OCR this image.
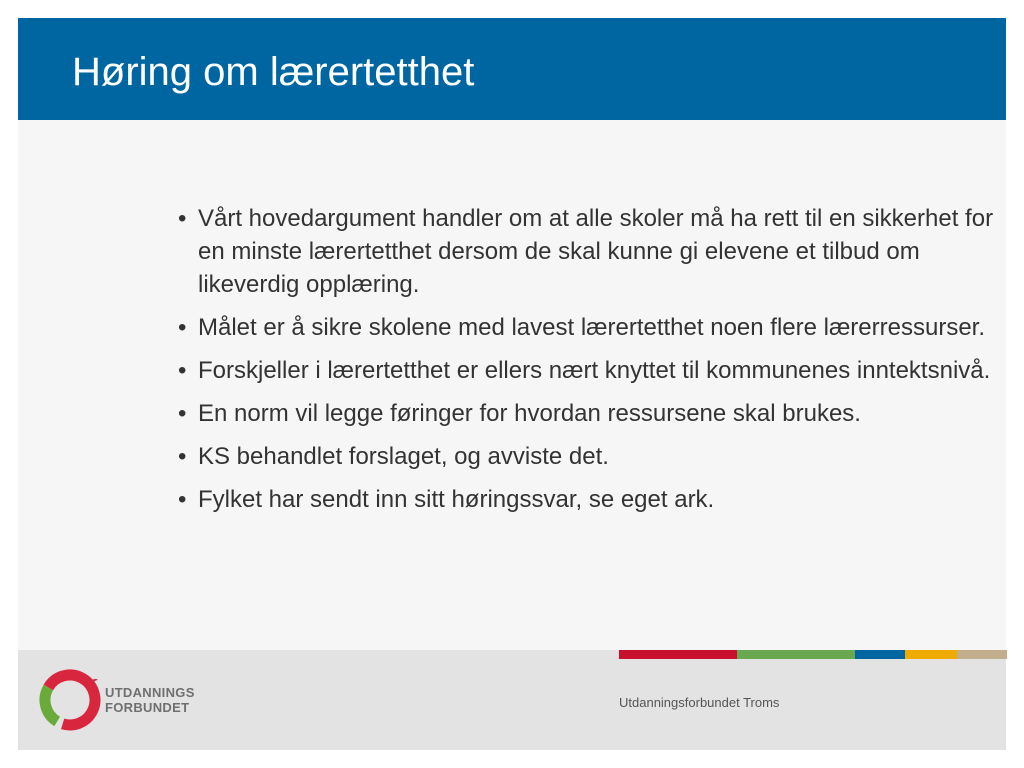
Høring om lærertetthet
• Vårt hovedargument handler om at alle skoler må ha rett til en sikkerhet for en minste lærertetthet dersom de skal kunne gi elevene et tilbud om likeverdig opplæring.
• Målet er å sikre skolene med lavest lærertetthet noen flere lærerressurser.
• Forskjeller i lærertetthet er ellers nært knyttet til kommunenes inntektsnivå.
• En norm vil legge føringer for hvordan ressursene skal brukes.
• KS behandlet forslaget, og avviste det.
• Fylket har sendt inn sitt høringssvar, se eget ark.
UTDANNINGS
FORBUNDET	Utdanningsforbundet Troms
